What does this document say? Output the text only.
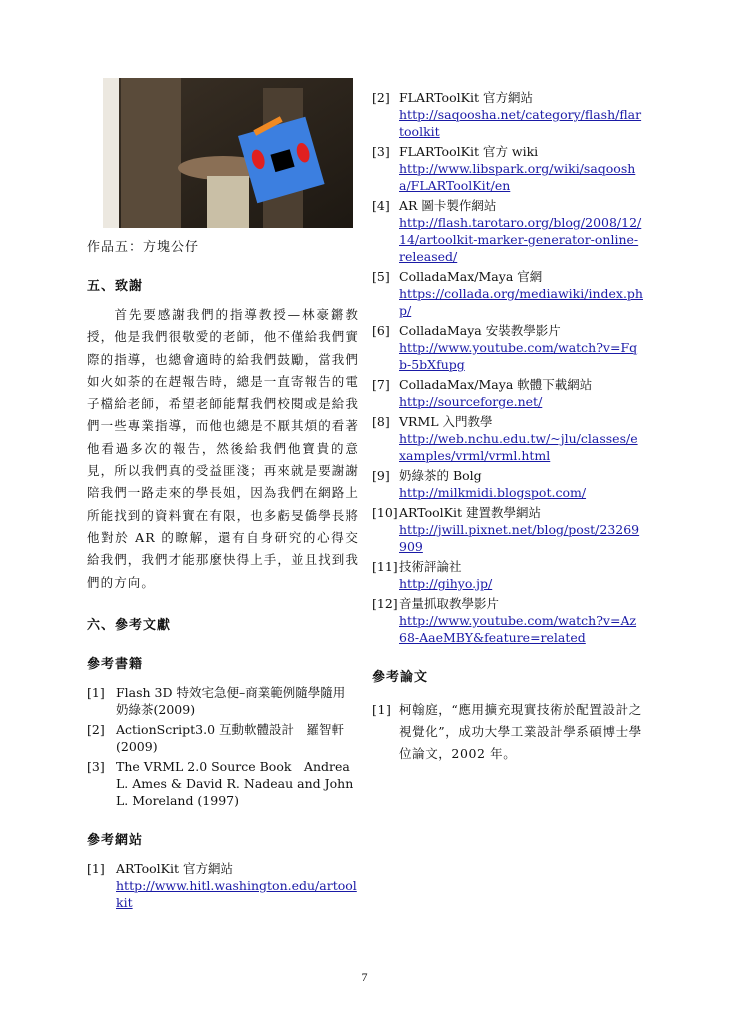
作品五：方塊公仔
五、致謝
首先要感謝我們的指導教授—林豪鏘教授，他是我們很敬愛的老師，他不僅給我們實際的指導，也總會適時的給我們鼓勵，當我們如火如荼的在趕報告時，總是一直寄報告的電子檔給老師，希望老師能幫我們校閱或是給我們一些專業指導，而他也總是不厭其煩的看著他看過多次的報告，然後給我們他寶貴的意見，所以我們真的受益匪淺；再來就是要謝謝陪我們一路走來的學長姐，因為我們在網路上所能找到的資料實在有限，也多虧旻僑學長將他對於 AR 的瞭解，還有自身研究的心得交給我們，我們才能那麼快得上手，並且找到我們的方向。
六、參考文獻
參考書籍
[1] Flash 3D 特效宅急便–商業範例隨學隨用　奶綠茶(2009)
[2] ActionScript3.0 互動軟體設計　羅智軒 (2009)
[3] The VRML 2.0 Source Book　Andrea L. Ames & David R. Nadeau and John L. Moreland (1997)
參考網站
[1] ARToolKit 官方網站
http://www.hitl.washington.edu/artoolkit
[2] FLARToolKit 官方網站
http://saqoosha.net/category/flash/flartoolkit
[3] FLARToolKit 官方 wiki
http://www.libspark.org/wiki/saqoosha/FLARToolKit/en
[4] AR 圖卡製作網站
http://flash.tarotaro.org/blog/2008/12/14/artoolkit-marker-generator-online-released/
[5] ColladaMax/Maya 官網
https://collada.org/mediawiki/index.php/
[6] ColladaMaya 安裝教學影片
http://www.youtube.com/watch?v=Fqb-5bXfupg
[7] ColladaMax/Maya 軟體下載網站
http://sourceforge.net/
[8] VRML 入門教學
http://web.nchu.edu.tw/~jlu/classes/examples/vrml/vrml.html
[9] 奶綠茶的 Bolg
http://milkmidi.blogspot.com/
[10] ARToolKit 建置教學網站
http://jwill.pixnet.net/blog/post/23269909
[11] 技術評論社
http://gihyo.jp/
[12] 音量抓取教學影片
http://www.youtube.com/watch?v=Az68-AaeMBY&feature=related
參考論文
[1] 柯翰庭，“應用擴充現實技術於配置設計之視覺化”，成功大學工業設計學系碩博士學位論文，2002 年。
7
